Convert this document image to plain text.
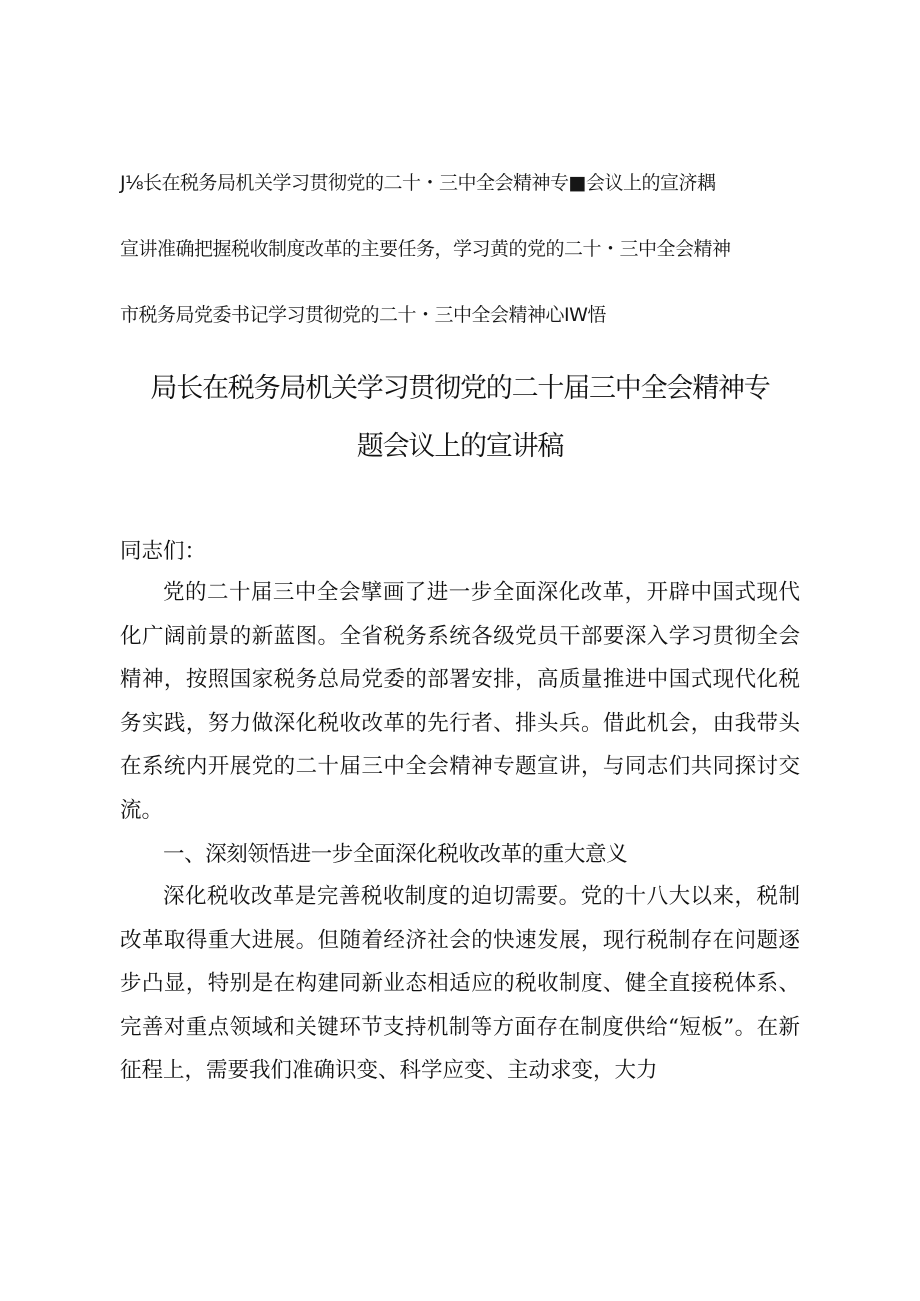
J⅛长在税务局机关学习贯彻党的二十・三中全会精神专■会议上的宣济耦
宣讲准确把握税收制度改革的主要任务，学习黄的党的二十・三中全会精神
市税务局党委书记学习贯彻党的二十・三中全会精神心IW悟
局长在税务局机关学习贯彻党的二十届三中全会精神专
题会议上的宣讲稿
同志们：
党的二十届三中全会擘画了进一步全面深化改革，开辟中国式现代化广阔前景的新蓝图。全省税务系统各级党员干部要深入学习贯彻全会精神，按照国家税务总局党委的部署安排，高质量推进中国式现代化税务实践，努力做深化税收改革的先行者、排头兵。借此机会，由我带头在系统内开展党的二十届三中全会精神专题宣讲，与同志们共同探讨交流。
一、深刻领悟进一步全面深化税收改革的重大意义
深化税收改革是完善税收制度的迫切需要。党的十八大以来，税制改革取得重大进展。但随着经济社会的快速发展，现行税制存在问题逐步凸显，特别是在构建同新业态相适应的税收制度、健全直接税体系、完善对重点领域和关键环节支持机制等方面存在制度供给“短板”。在新征程上，需要我们准确识变、科学应变、主动求变，大力
